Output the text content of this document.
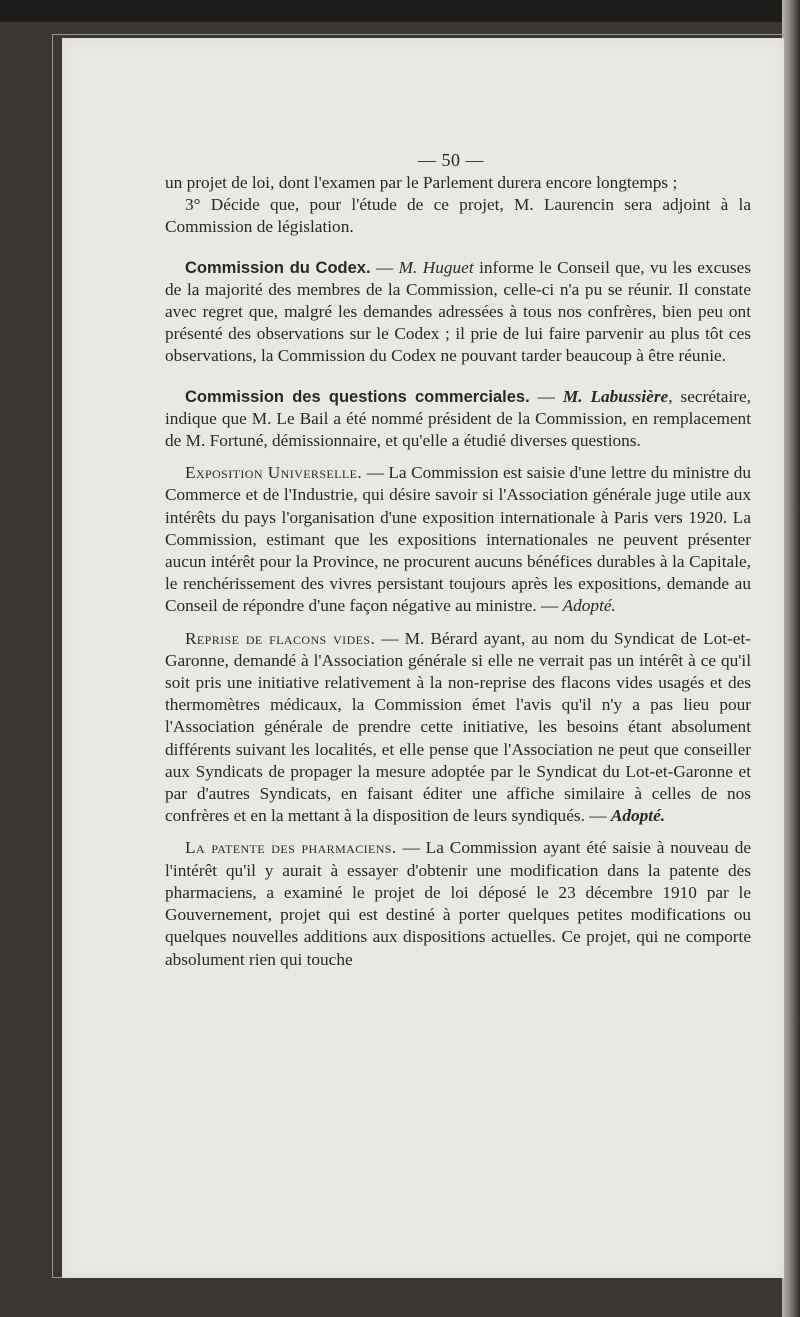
— 50 —

un projet de loi, dont l'examen par le Parlement durera encore longtemps ;

3° Décide que, pour l'étude de ce projet, M. Laurencin sera adjoint à la Commission de législation.

Commission du Codex. — M. Huguet informe le Conseil que, vu les excuses de la majorité des membres de la Commission, celle-ci n'a pu se réunir. Il constate avec regret que, malgré les demandes adressées à tous nos confrères, bien peu ont présenté des observations sur le Codex ; il prie de lui faire parvenir au plus tôt ces observations, la Commission du Codex ne pouvant tarder beaucoup à être réunie.

Commission des questions commerciales. — M. Labussière, secrétaire, indique que M. Le Bail a été nommé président de la Commission, en remplacement de M. Fortuné, démissionnaire, et qu'elle a étudié diverses questions.

Exposition Universelle. — La Commission est saisie d'une lettre du ministre du Commerce et de l'Industrie, qui désire savoir si l'Association générale juge utile aux intérêts du pays l'organisation d'une exposition internationale à Paris vers 1920. La Commission, estimant que les expositions internationales ne peuvent présenter aucun intérêt pour la Province, ne procurent aucuns bénéfices durables à la Capitale, le renchérissement des vivres persistant toujours après les expositions, demande au Conseil de répondre d'une façon négative au ministre. — Adopté.

Reprise de flacons vides. — M. Bérard ayant, au nom du Syndicat de Lot-et-Garonne, demandé à l'Association générale si elle ne verrait pas un intérêt à ce qu'il soit pris une initiative relativement à la non-reprise des flacons vides usagés et des thermomètres médicaux, la Commission émet l'avis qu'il n'y a pas lieu pour l'Association générale de prendre cette initiative, les besoins étant absolument différents suivant les localités, et elle pense que l'Association ne peut que conseiller aux Syndicats de propager la mesure adoptée par le Syndicat du Lot-et-Garonne et par d'autres Syndicats, en faisant éditer une affiche similaire à celles de nos confrères et en la mettant à la disposition de leurs syndiqués. — Adopté.

La patente des pharmaciens. — La Commission ayant été saisie à nouveau de l'intérêt qu'il y aurait à essayer d'obtenir une modification dans la patente des pharmaciens, a examiné le projet de loi déposé le 23 décembre 1910 par le Gouvernement, projet qui est destiné à porter quelques petites modifications ou quelques nouvelles additions aux dispositions actuelles. Ce projet, qui ne comporte absolument rien qui touche
